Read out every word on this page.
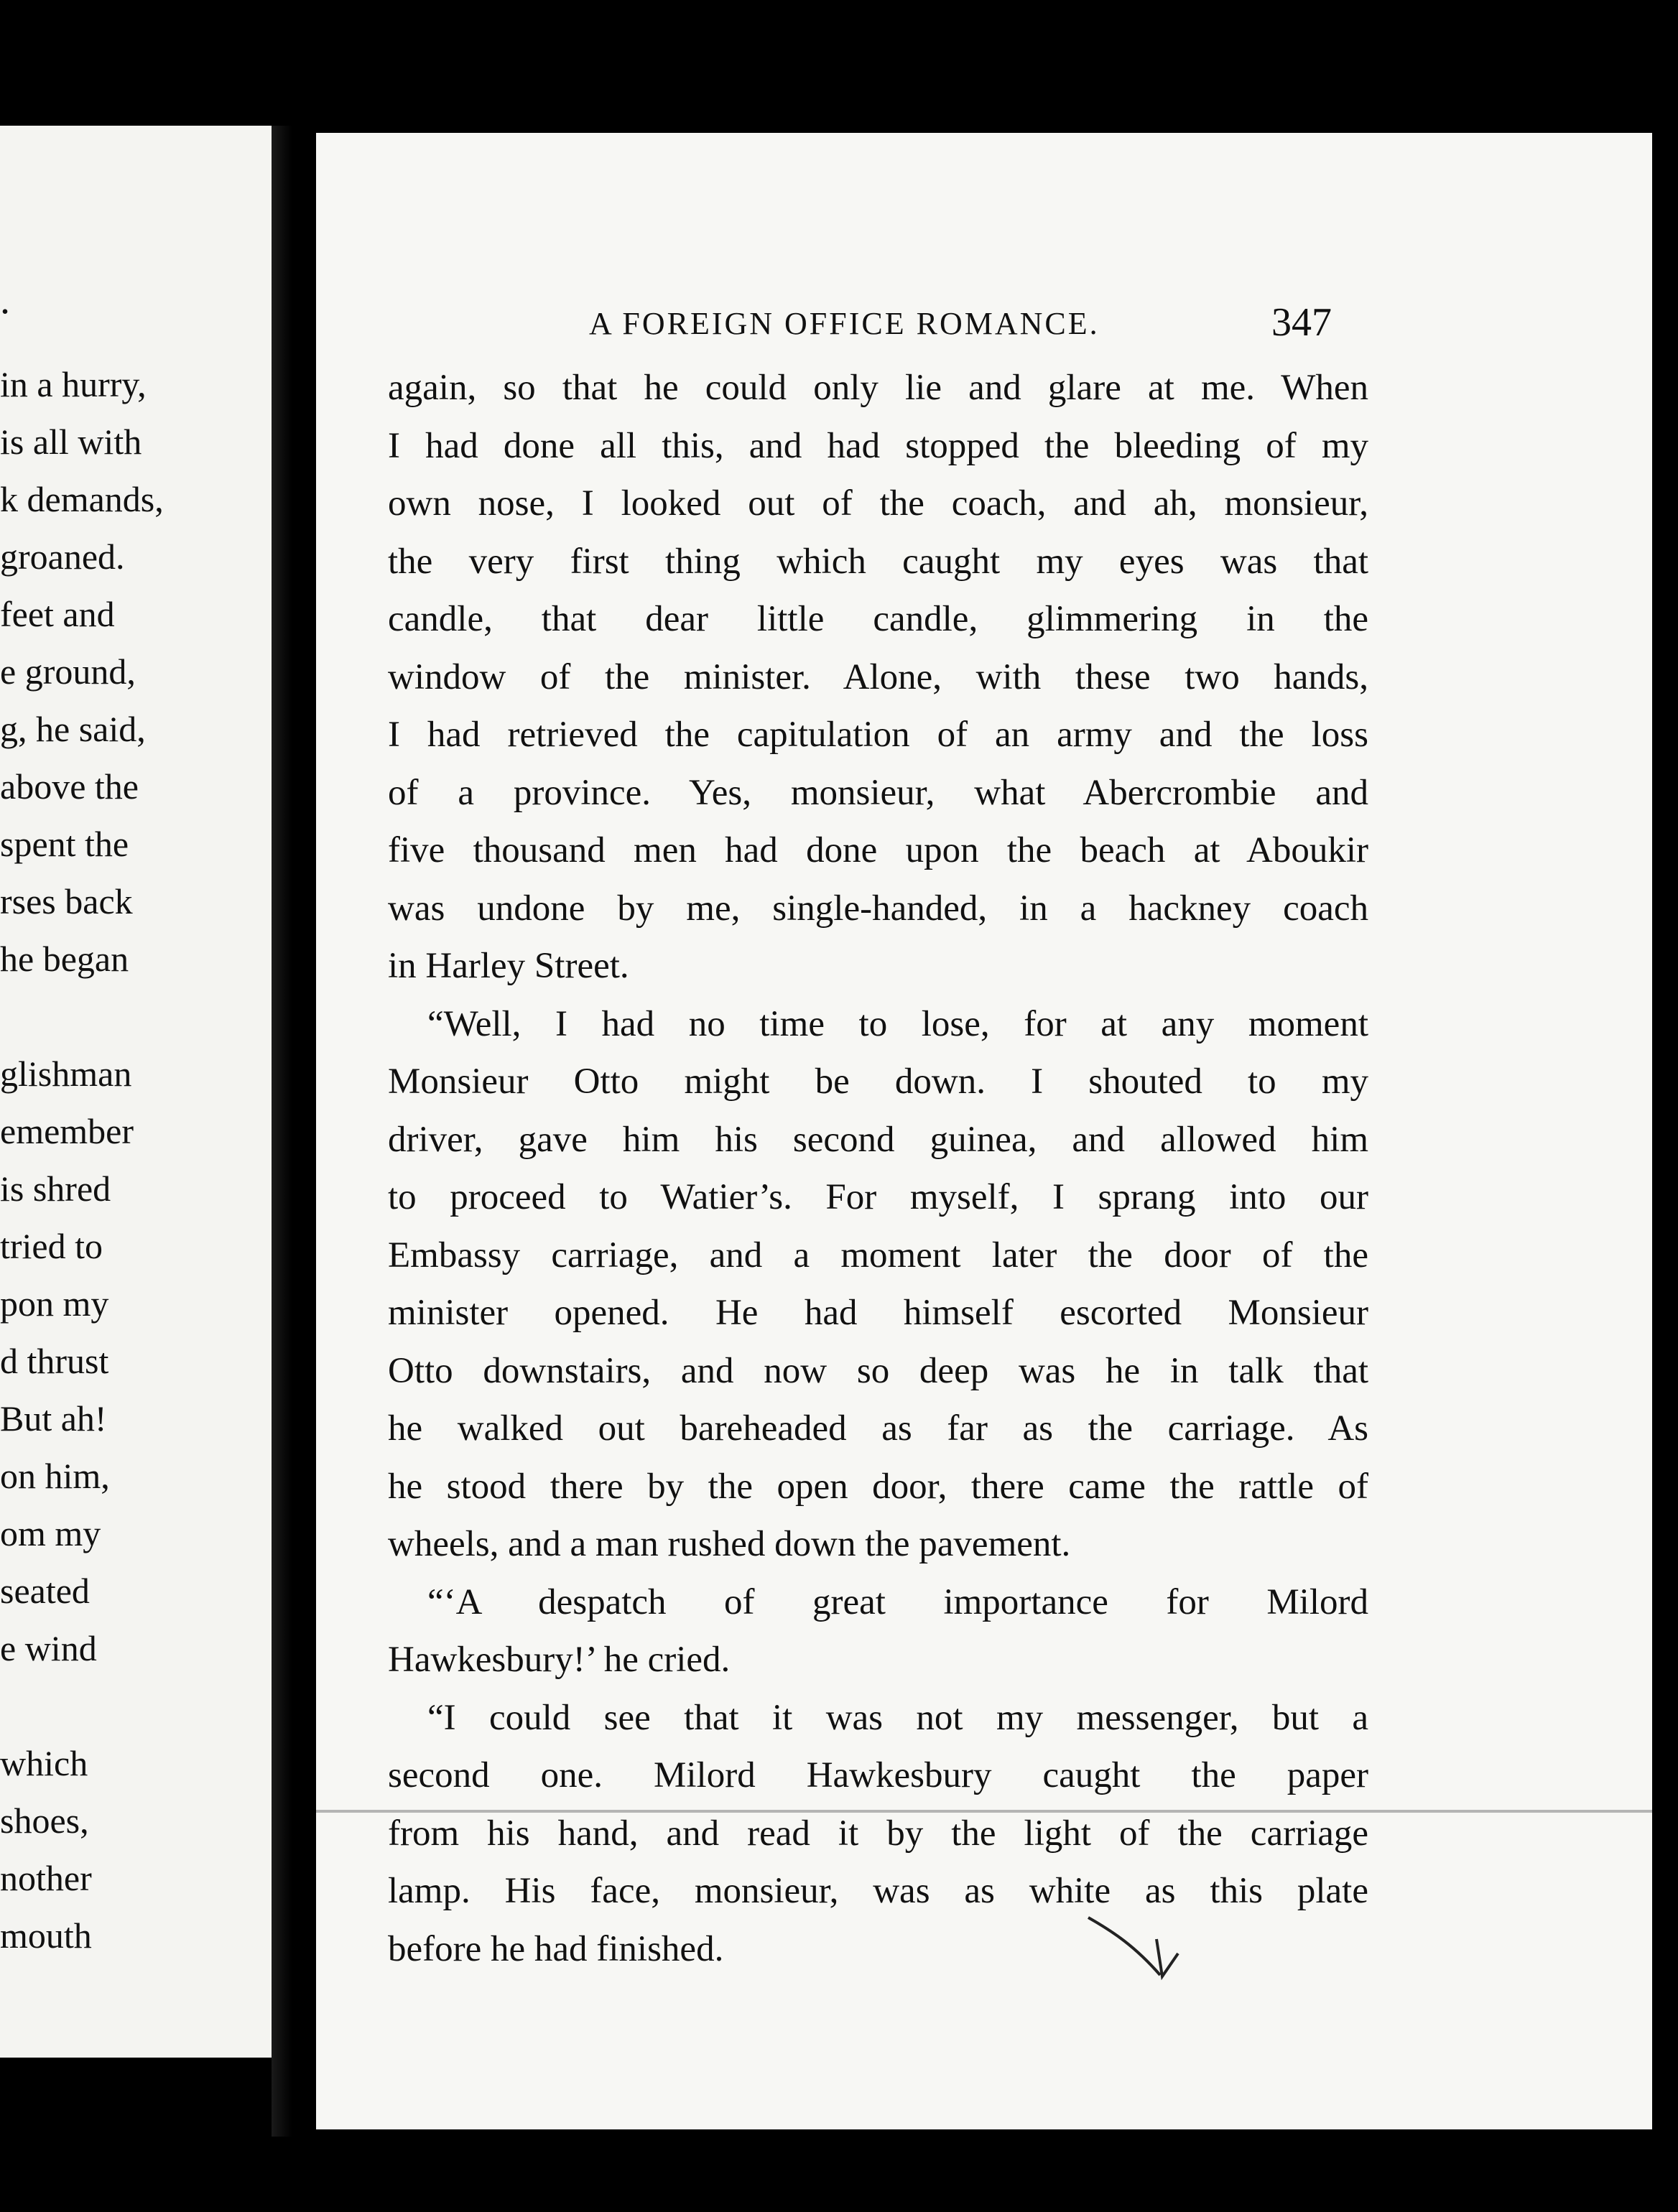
.
in a hurry,
is all with
k demands,
groaned.
feet and
e ground,
g, he said,
above the
spent the
rses back
he began
glishman
emember
is shred
tried to
pon my
d thrust
But ah!
on him,
om my
seated
e wind
which
shoes,
nother
mouth
A FOREIGN OFFICE ROMANCE.	347
again, so that he could only lie and glare at me. When
I had done all this, and had stopped the bleeding of my
own nose, I looked out of the coach, and ah, monsieur,
the very first thing which caught my eyes was that
candle, that dear little candle, glimmering in the
window of the minister. Alone, with these two hands,
I had retrieved the capitulation of an army and the loss
of a province. Yes, monsieur, what Abercrombie and
five thousand men had done upon the beach at Aboukir
was undone by me, single-handed, in a hackney coach
in Harley Street.
“Well, I had no time to lose, for at any moment
Monsieur Otto might be down. I shouted to my
driver, gave him his second guinea, and allowed him
to proceed to Watier’s. For myself, I sprang into our
Embassy carriage, and a moment later the door of the
minister opened. He had himself escorted Monsieur
Otto downstairs, and now so deep was he in talk that
he walked out bareheaded as far as the carriage. As
he stood there by the open door, there came the rattle of
wheels, and a man rushed down the pavement.
“‘A despatch of great importance for Milord
Hawkesbury!’ he cried.
“I could see that it was not my messenger, but a
second one. Milord Hawkesbury caught the paper
from his hand, and read it by the light of the carriage
lamp. His face, monsieur, was as white as this plate
before he had finished.
